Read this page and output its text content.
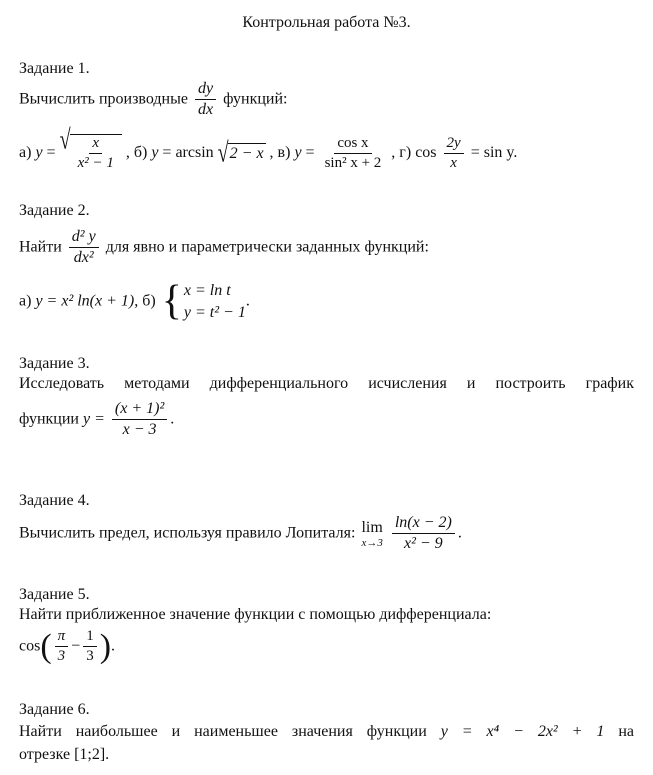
Контрольная работа №3.
Задание 1.
Вычислить производные $\frac{dy}{dx}$ функций:
а) y = √ $\frac{x}{\text{x² − 1}}$ , б) y = arcsin √ 2 − x , в) $y = \frac{\text{cos x}}{\text{sin² x + 2}}$ , г) $\cos \frac{2y}{x} = \sin y$.
Задание 2.
Найти $\frac{\text{d² y}}{\text{dx²}}$ для явно и параметрически заданных функций:
а) y = x² ln(x + 1), б) { x = ln t
y = t² − 1
.
Задание 3.
Исследовать методами дифференциального исчисления и построить график
функции $y = \frac{\text{(x + 1)²}}{x - 3}$ .
Задание 4.
Вычислить предел, используя правило Лопиталя: lim
x→3
$\frac{\ln(x - 2)}{\text{x² − 9}}$ .
Задание 5.
Найти приближенное значение функции с помощью дифференциала:
$\cos( \frac{\pi}{3} - \frac{1}{3}$ ).
Задание 6.
Найти наибольшее и наименьшее значения функции y = x⁴ − 2x² + 1 на
отрезке [1;2].
